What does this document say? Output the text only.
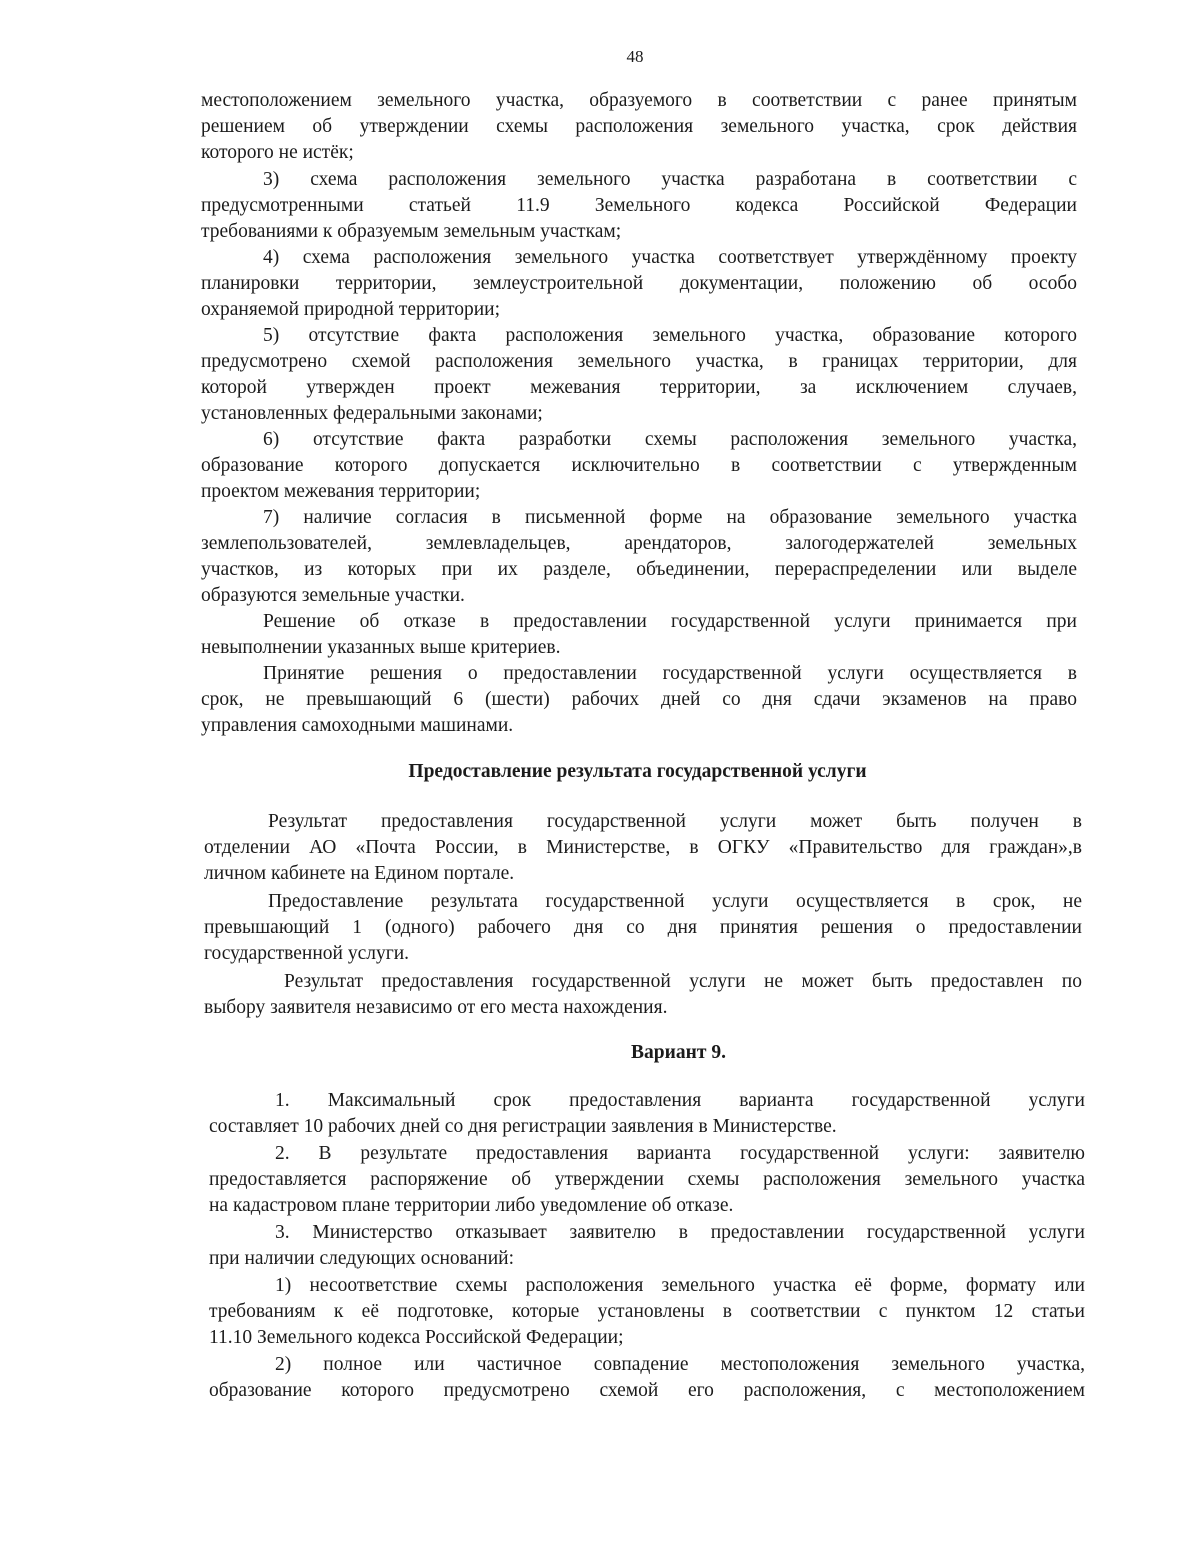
48
местоположением земельного участка, образуемого в соответствии с ранее принятым
решением об утверждении схемы расположения земельного участка, срок действия
которого не истёк;
3) схема расположения земельного участка разработана в соответствии с
предусмотренными статьей 11.9 Земельного кодекса Российской Федерации
требованиями к образуемым земельным участкам;
4) схема расположения земельного участка соответствует утверждённому проекту
планировки территории, землеустроительной документации, положению об особо
охраняемой природной территории;
5) отсутствие факта расположения земельного участка, образование которого
предусмотрено схемой расположения земельного участка, в границах территории, для
которой утвержден проект межевания территории, за исключением случаев,
установленных федеральными законами;
6) отсутствие факта разработки схемы расположения земельного участка,
образование которого допускается исключительно в соответствии с утвержденным
проектом межевания территории;
7) наличие согласия в письменной форме на образование земельного участка
землепользователей, землевладельцев, арендаторов, залогодержателей земельных
участков, из которых при их разделе, объединении, перераспределении или выделе
образуются земельные участки.
Решение об отказе в предоставлении государственной услуги принимается при
невыполнении указанных выше критериев.
Принятие решения о предоставлении государственной услуги осуществляется в
срок, не превышающий 6 (шести) рабочих дней со дня сдачи экзаменов на право
управления самоходными машинами.
Предоставление результата государственной услуги
Результат предоставления государственной услуги может быть получен в
отделении АО «Почта России, в Министерстве, в ОГКУ «Правительство для граждан»,в
личном кабинете на Едином портале.
Предоставление результата государственной услуги осуществляется в срок, не
превышающий 1 (одного) рабочего дня со дня принятия решения о предоставлении
государственной услуги.
Результат предоставления государственной услуги не может быть предоставлен по
выбору заявителя независимо от его места нахождения.
Вариант 9.
1. Максимальный срок предоставления варианта государственной услуги
составляет 10 рабочих дней со дня регистрации заявления в Министерстве.
2. В результате предоставления варианта государственной услуги: заявителю
предоставляется распоряжение об утверждении схемы расположения земельного участка
на кадастровом плане территории либо уведомление об отказе.
3. Министерство отказывает заявителю в предоставлении государственной услуги
при наличии следующих оснований:
1) несоответствие схемы расположения земельного участка её форме, формату или
требованиям к её подготовке, которые установлены в соответствии с пунктом 12 статьи
11.10 Земельного кодекса Российской Федерации;
2) полное или частичное совпадение местоположения земельного участка,
образование которого предусмотрено схемой его расположения, с местоположением
